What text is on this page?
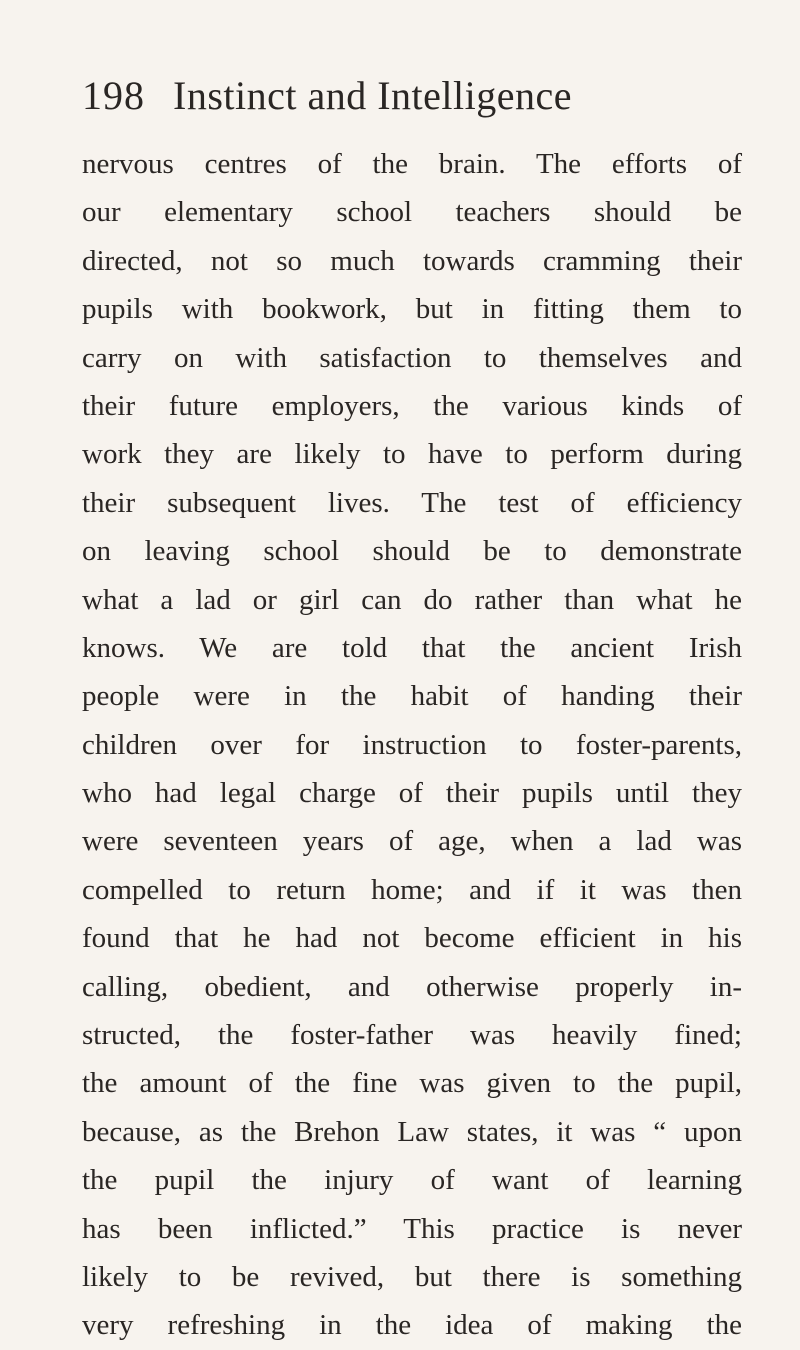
198 Instinct and Intelligence
nervous centres of the brain. The efforts of
our elementary school teachers should be
directed, not so much towards cramming their
pupils with bookwork, but in fitting them to
carry on with satisfaction to themselves and
their future employers, the various kinds of
work they are likely to have to perform during
their subsequent lives. The test of efficiency
on leaving school should be to demonstrate
what a lad or girl can do rather than what he
knows. We are told that the ancient Irish
people were in the habit of handing their
children over for instruction to foster-parents,
who had legal charge of their pupils until they
were seventeen years of age, when a lad was
compelled to return home; and if it was then
found that he had not become efficient in his
calling, obedient, and otherwise properly in-
structed, the foster-father was heavily fined;
the amount of the fine was given to the pupil,
because, as the Brehon Law states, it was “ upon
the pupil the injury of want of learning
has been inflicted.” This practice is never
likely to be revived, but there is something
very refreshing in the idea of making the
